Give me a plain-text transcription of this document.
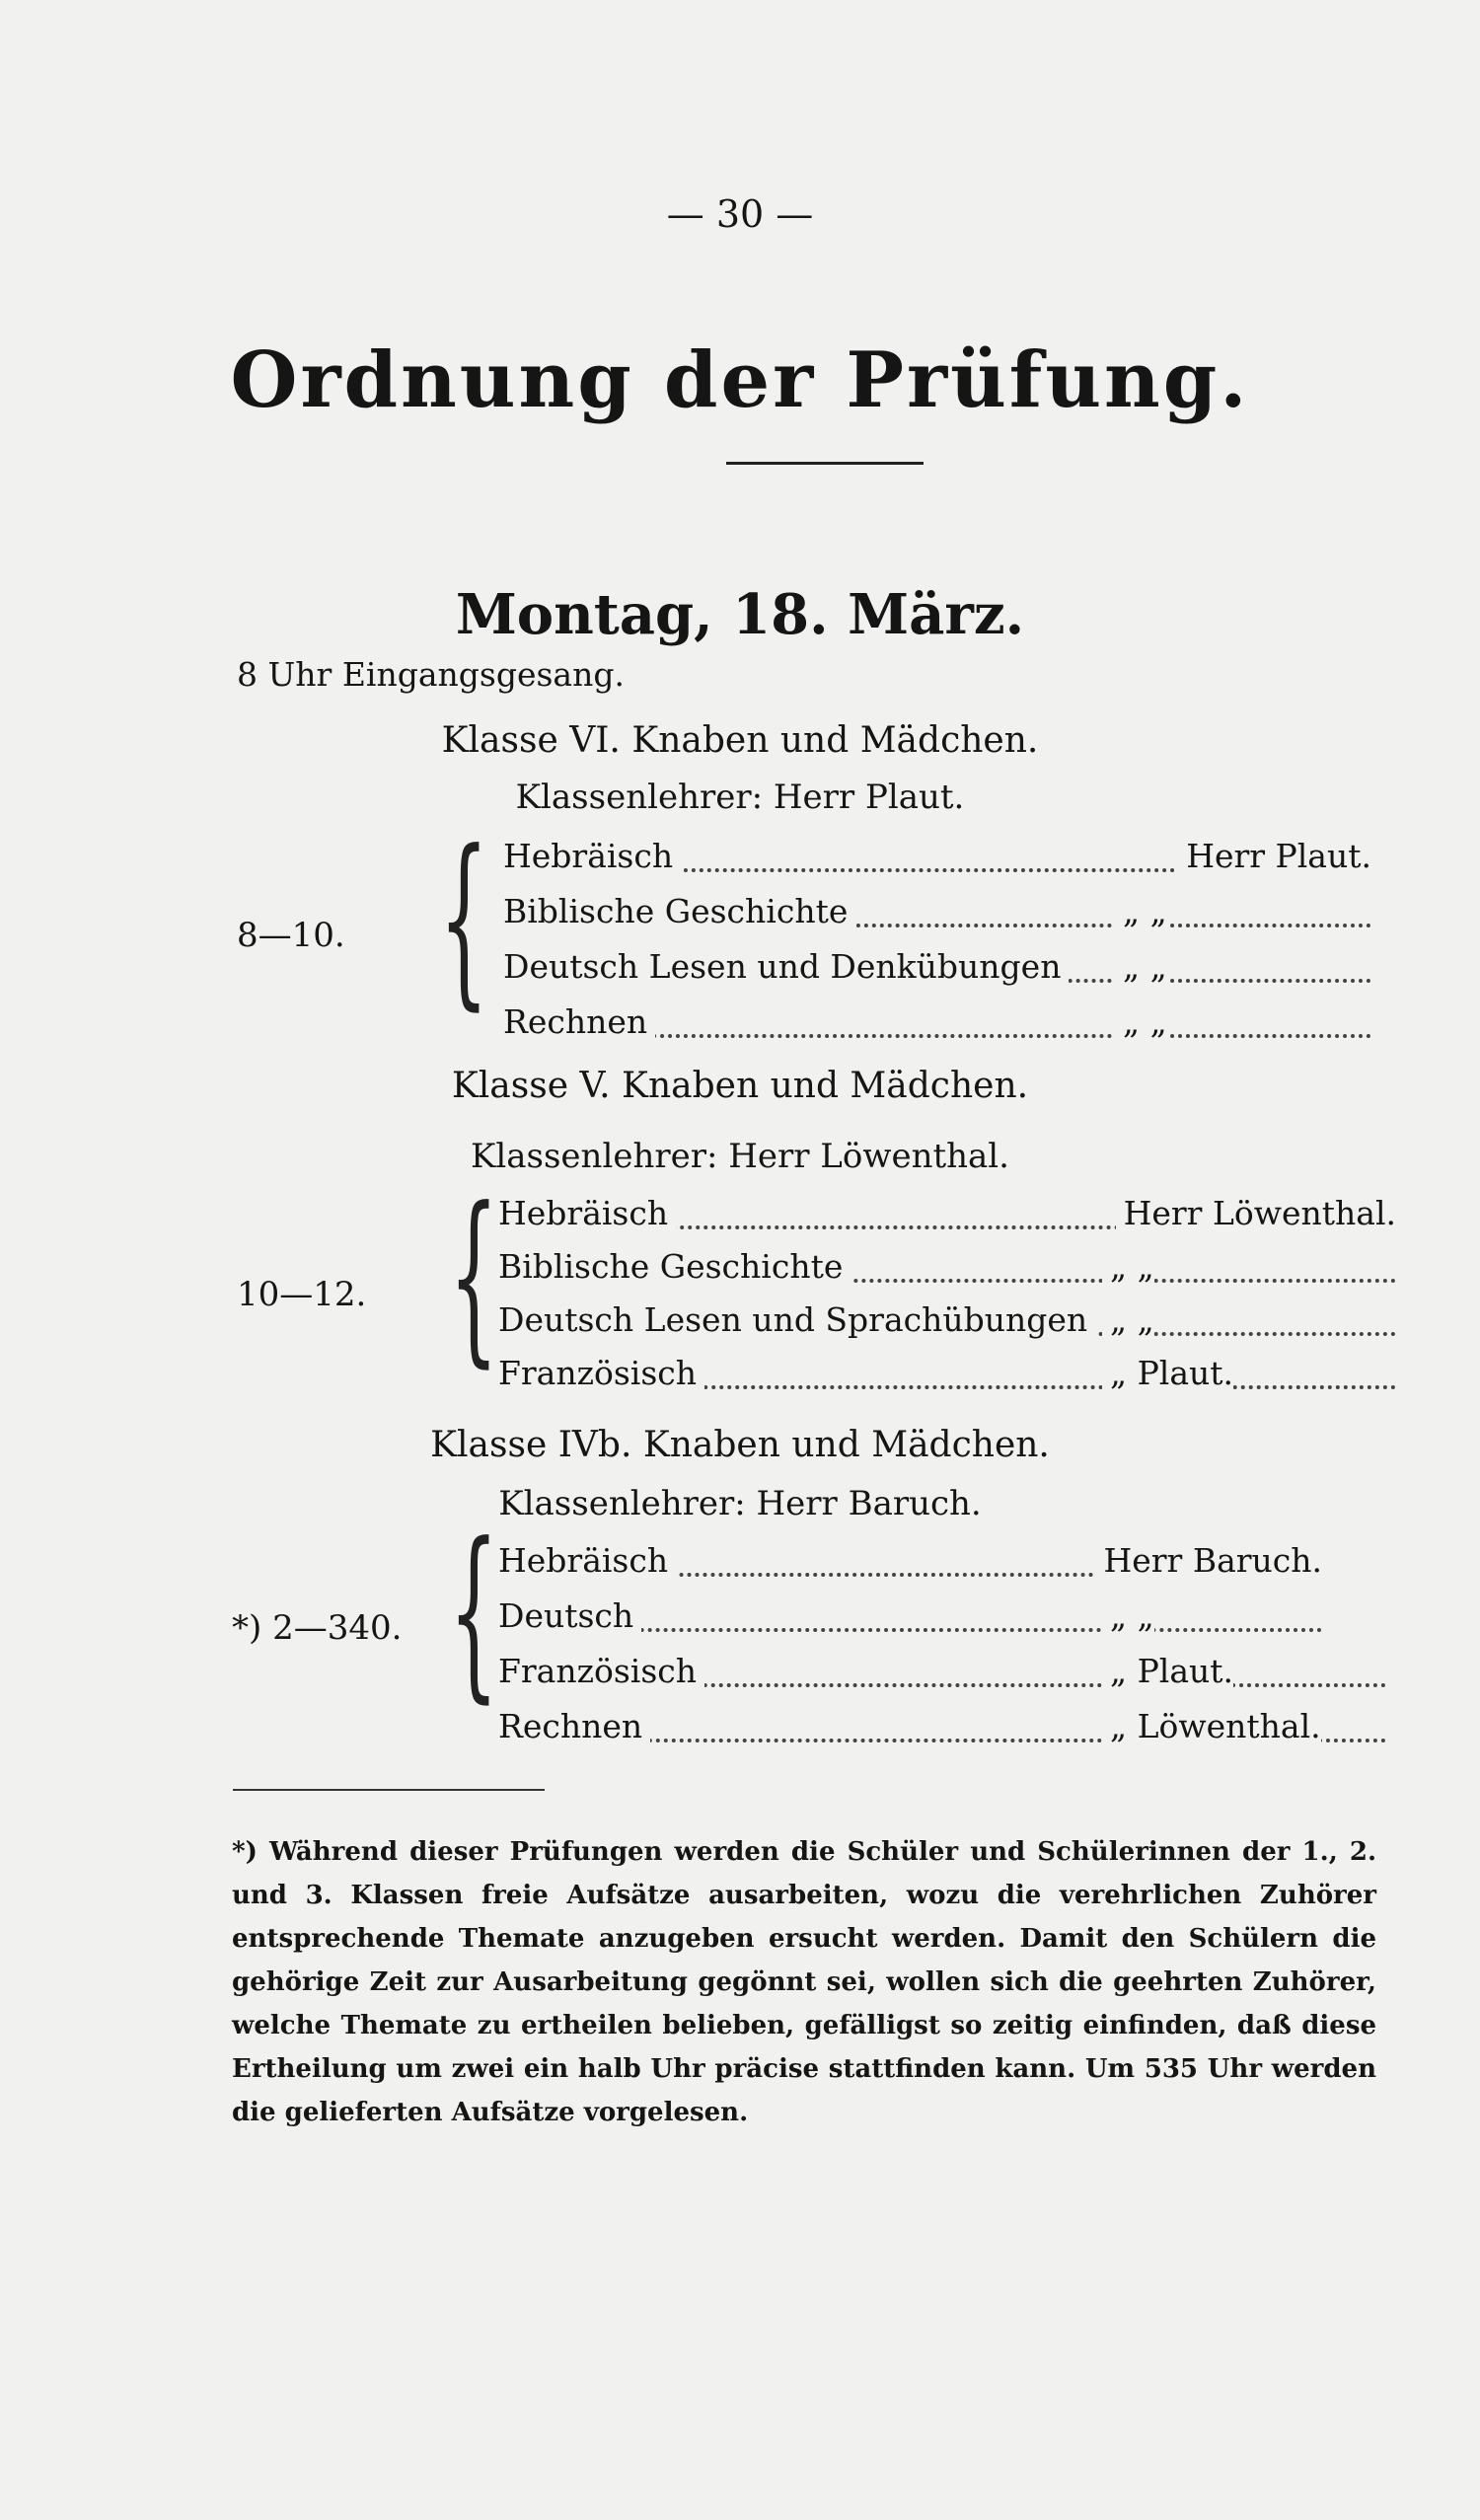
— 30 —
Ordnung der Prüfung.
Montag, 18. März.
8 Uhr Eingangsgesang.
Klasse VI. Knaben und Mädchen.
Klassenlehrer: Herr Plaut.
8—10. { Hebräisch	Herr Plaut.
Biblische Geschichte	„ „
Deutsch Lesen und Denkübungen „ „
Rechnen	„ „
Klasse V. Knaben und Mädchen.
Klassenlehrer: Herr Löwenthal.
10—12. { Hebräisch	Herr Löwenthal.
Biblische Geschichte	„ „
Deutsch Lesen und Sprachübungen „ „
Französisch	„ Plaut.
Klasse IVb. Knaben und Mädchen.
Klassenlehrer: Herr Baruch.
*) 2—340. { Hebräisch	Herr Baruch.
Deutsch	„ „
Französisch	„ Plaut.
Rechnen	„ Löwenthal.

*) Während dieser Prüfungen werden die Schüler und Schülerinnen der 1., 2. und 3. Klassen freie Aufsätze ausarbeiten, wozu die verehrlichen Zuhörer entsprechende Themate anzugeben ersucht werden. Damit den Schülern die gehörige Zeit zur Ausarbeitung gegönnt sei, wollen sich die geehrten Zuhörer, welche Themate zu ertheilen belieben, gefälligst so zeitig einfinden, daß diese Ertheilung um zwei ein halb Uhr präcise stattfinden kann. Um 535 Uhr werden die gelieferten Aufsätze vorgelesen.
